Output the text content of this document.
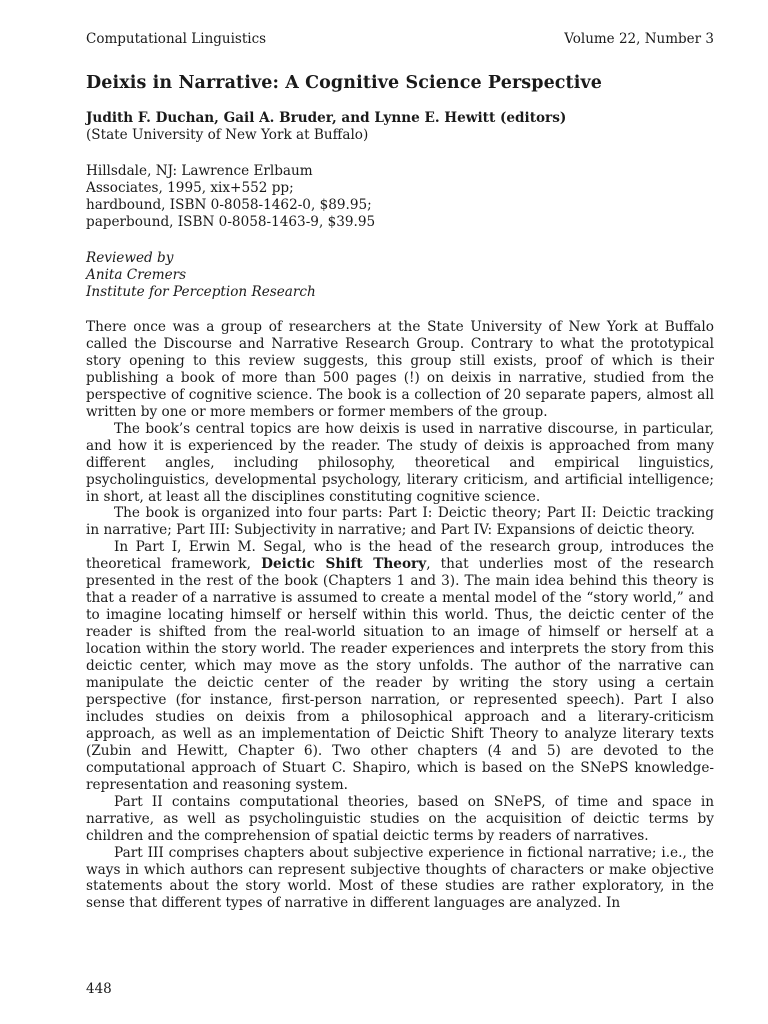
Computational Linguistics	Volume 22, Number 3
Deixis in Narrative: A Cognitive Science Perspective
Judith F. Duchan, Gail A. Bruder, and Lynne E. Hewitt (editors)
(State University of New York at Buffalo)
Hillsdale, NJ: Lawrence Erlbaum
Associates, 1995, xix+552 pp;
hardbound, ISBN 0-8058-1462-0, $89.95;
paperbound, ISBN 0-8058-1463-9, $39.95
Reviewed by
Anita Cremers
Institute for Perception Research

There once was a group of researchers at the State University of New York at Buffalo called the Discourse and Narrative Research Group. Contrary to what the prototypical story opening to this review suggests, this group still exists, proof of which is their publishing a book of more than 500 pages (!) on deixis in narrative, studied from the perspective of cognitive science. The book is a collection of 20 separate papers, almost all written by one or more members or former members of the group.

The book’s central topics are how deixis is used in narrative discourse, in particular, and how it is experienced by the reader. The study of deixis is approached from many different angles, including philosophy, theoretical and empirical linguistics, psycholinguistics, developmental psychology, literary criticism, and artificial intelligence; in short, at least all the disciplines constituting cognitive science.

The book is organized into four parts: Part I: Deictic theory; Part II: Deictic tracking in narrative; Part III: Subjectivity in narrative; and Part IV: Expansions of deictic theory.

In Part I, Erwin M. Segal, who is the head of the research group, introduces the theoretical framework, Deictic Shift Theory, that underlies most of the research presented in the rest of the book (Chapters 1 and 3). The main idea behind this theory is that a reader of a narrative is assumed to create a mental model of the “story world,” and to imagine locating himself or herself within this world. Thus, the deictic center of the reader is shifted from the real-world situation to an image of himself or herself at a location within the story world. The reader experiences and interprets the story from this deictic center, which may move as the story unfolds. The author of the narrative can manipulate the deictic center of the reader by writing the story using a certain perspective (for instance, first-person narration, or represented speech). Part I also includes studies on deixis from a philosophical approach and a literary-criticism approach, as well as an implementation of Deictic Shift Theory to analyze literary texts (Zubin and Hewitt, Chapter 6). Two other chapters (4 and 5) are devoted to the computational approach of Stuart C. Shapiro, which is based on the SNePS knowledge-representation and reasoning system.

Part II contains computational theories, based on SNePS, of time and space in narrative, as well as psycholinguistic studies on the acquisition of deictic terms by children and the comprehension of spatial deictic terms by readers of narratives.

Part III comprises chapters about subjective experience in fictional narrative; i.e., the ways in which authors can represent subjective thoughts of characters or make objective statements about the story world. Most of these studies are rather exploratory, in the sense that different types of narrative in different languages are analyzed. In

448
